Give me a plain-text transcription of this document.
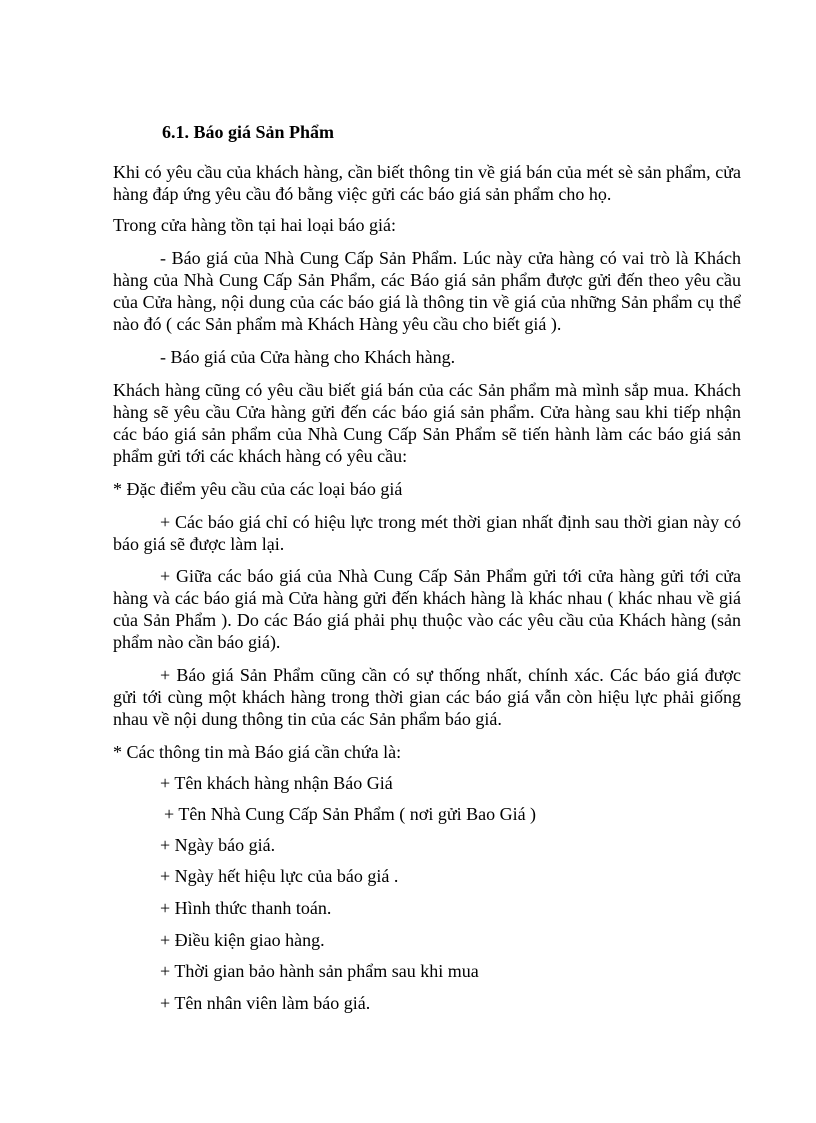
6.1. Báo giá Sản Phẩm

Khi có yêu cầu của khách hàng, cần biết thông tin về giá bán của mét sè sản phẩm, cửa hàng đáp ứng yêu cầu đó bằng việc gửi các báo giá sản phẩm cho họ.

Trong cửa hàng tồn tại hai loại báo giá:

- Báo giá của Nhà Cung Cấp Sản Phẩm. Lúc này cửa hàng có vai trò là Khách hàng của Nhà Cung Cấp Sản Phẩm, các Báo giá sản phẩm được gửi đến theo yêu cầu của Cửa hàng, nội dung của các báo giá là thông tin về giá của những Sản phẩm cụ thể nào đó ( các Sản phẩm mà Khách Hàng yêu cầu cho biết giá ).

- Báo giá của Cửa hàng cho Khách hàng.

Khách hàng cũng có yêu cầu biết giá bán của các Sản phẩm mà mình sắp mua. Khách hàng sẽ yêu cầu Cửa hàng gửi đến các báo giá sản phẩm. Cửa hàng sau khi tiếp nhận các báo giá sản phẩm của Nhà Cung Cấp Sản Phẩm sẽ tiến hành làm các báo giá sản phẩm gửi tới các khách hàng có yêu cầu:

* Đặc điểm yêu cầu của các loại báo giá

+ Các báo giá chỉ có hiệu lực trong mét thời gian nhất định sau thời gian này có báo giá sẽ được làm lại.

+ Giữa các báo giá của Nhà Cung Cấp Sản Phẩm gửi tới cửa hàng gửi tới cửa hàng và các báo giá mà Cửa hàng gửi đến khách hàng là khác nhau ( khác nhau về giá của Sản Phẩm ). Do các Báo giá phải phụ thuộc vào các yêu cầu của Khách hàng (sản phẩm nào cần báo giá).

+ Báo giá Sản Phẩm cũng cần có sự thống nhất, chính xác. Các báo giá được gửi tới cùng một khách hàng trong thời gian các báo giá vẫn còn hiệu lực phải giống nhau về nội dung thông tin của các Sản phẩm báo giá.

* Các thông tin mà Báo giá cần chứa là:

+ Tên khách hàng nhận Báo Giá

+ Tên Nhà Cung Cấp Sản Phẩm ( nơi gửi Bao Giá )

+ Ngày báo giá.

+ Ngày hết hiệu lực của báo giá .

+ Hình thức thanh toán.

+ Điều kiện giao hàng.

+ Thời gian bảo hành sản phẩm sau khi mua

+ Tên nhân viên làm báo giá.
